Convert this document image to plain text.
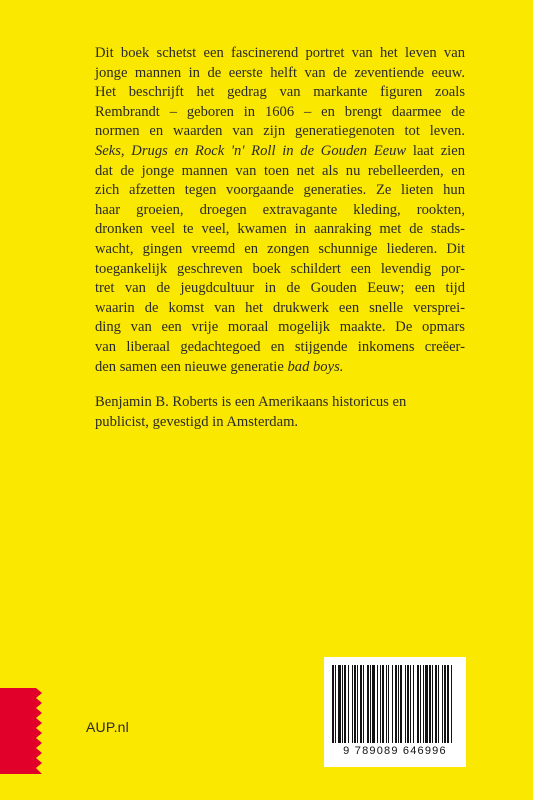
Dit boek schetst een fascinerend portret van het leven van
jonge mannen in de eerste helft van de zeventiende eeuw.
Het beschrijft het gedrag van markante figuren zoals
Rembrandt – geboren in 1606 – en brengt daarmee de
normen en waarden van zijn generatiegenoten tot leven.
Seks, Drugs en Rock 'n' Roll in de Gouden Eeuw laat zien
dat de jonge mannen van toen net als nu rebelleerden, en
zich afzetten tegen voorgaande generaties. Ze lieten hun
haar groeien, droegen extravagante kleding, rookten,
dronken veel te veel, kwamen in aanraking met de stads-
wacht, gingen vreemd en zongen schunnige liederen. Dit
toegankelijk geschreven boek schildert een levendig por-
tret van de jeugdcultuur in de Gouden Eeuw; een tijd
waarin de komst van het drukwerk een snelle versprei-
ding van een vrije moraal mogelijk maakte. De opmars
van liberaal gedachtegoed en stijgende inkomens creëer-
den samen een nieuwe generatie bad boys.
Benjamin B. Roberts is een Amerikaans historicus en
publicist, gevestigd in Amsterdam.
AUP.nl
9 789089 646996
